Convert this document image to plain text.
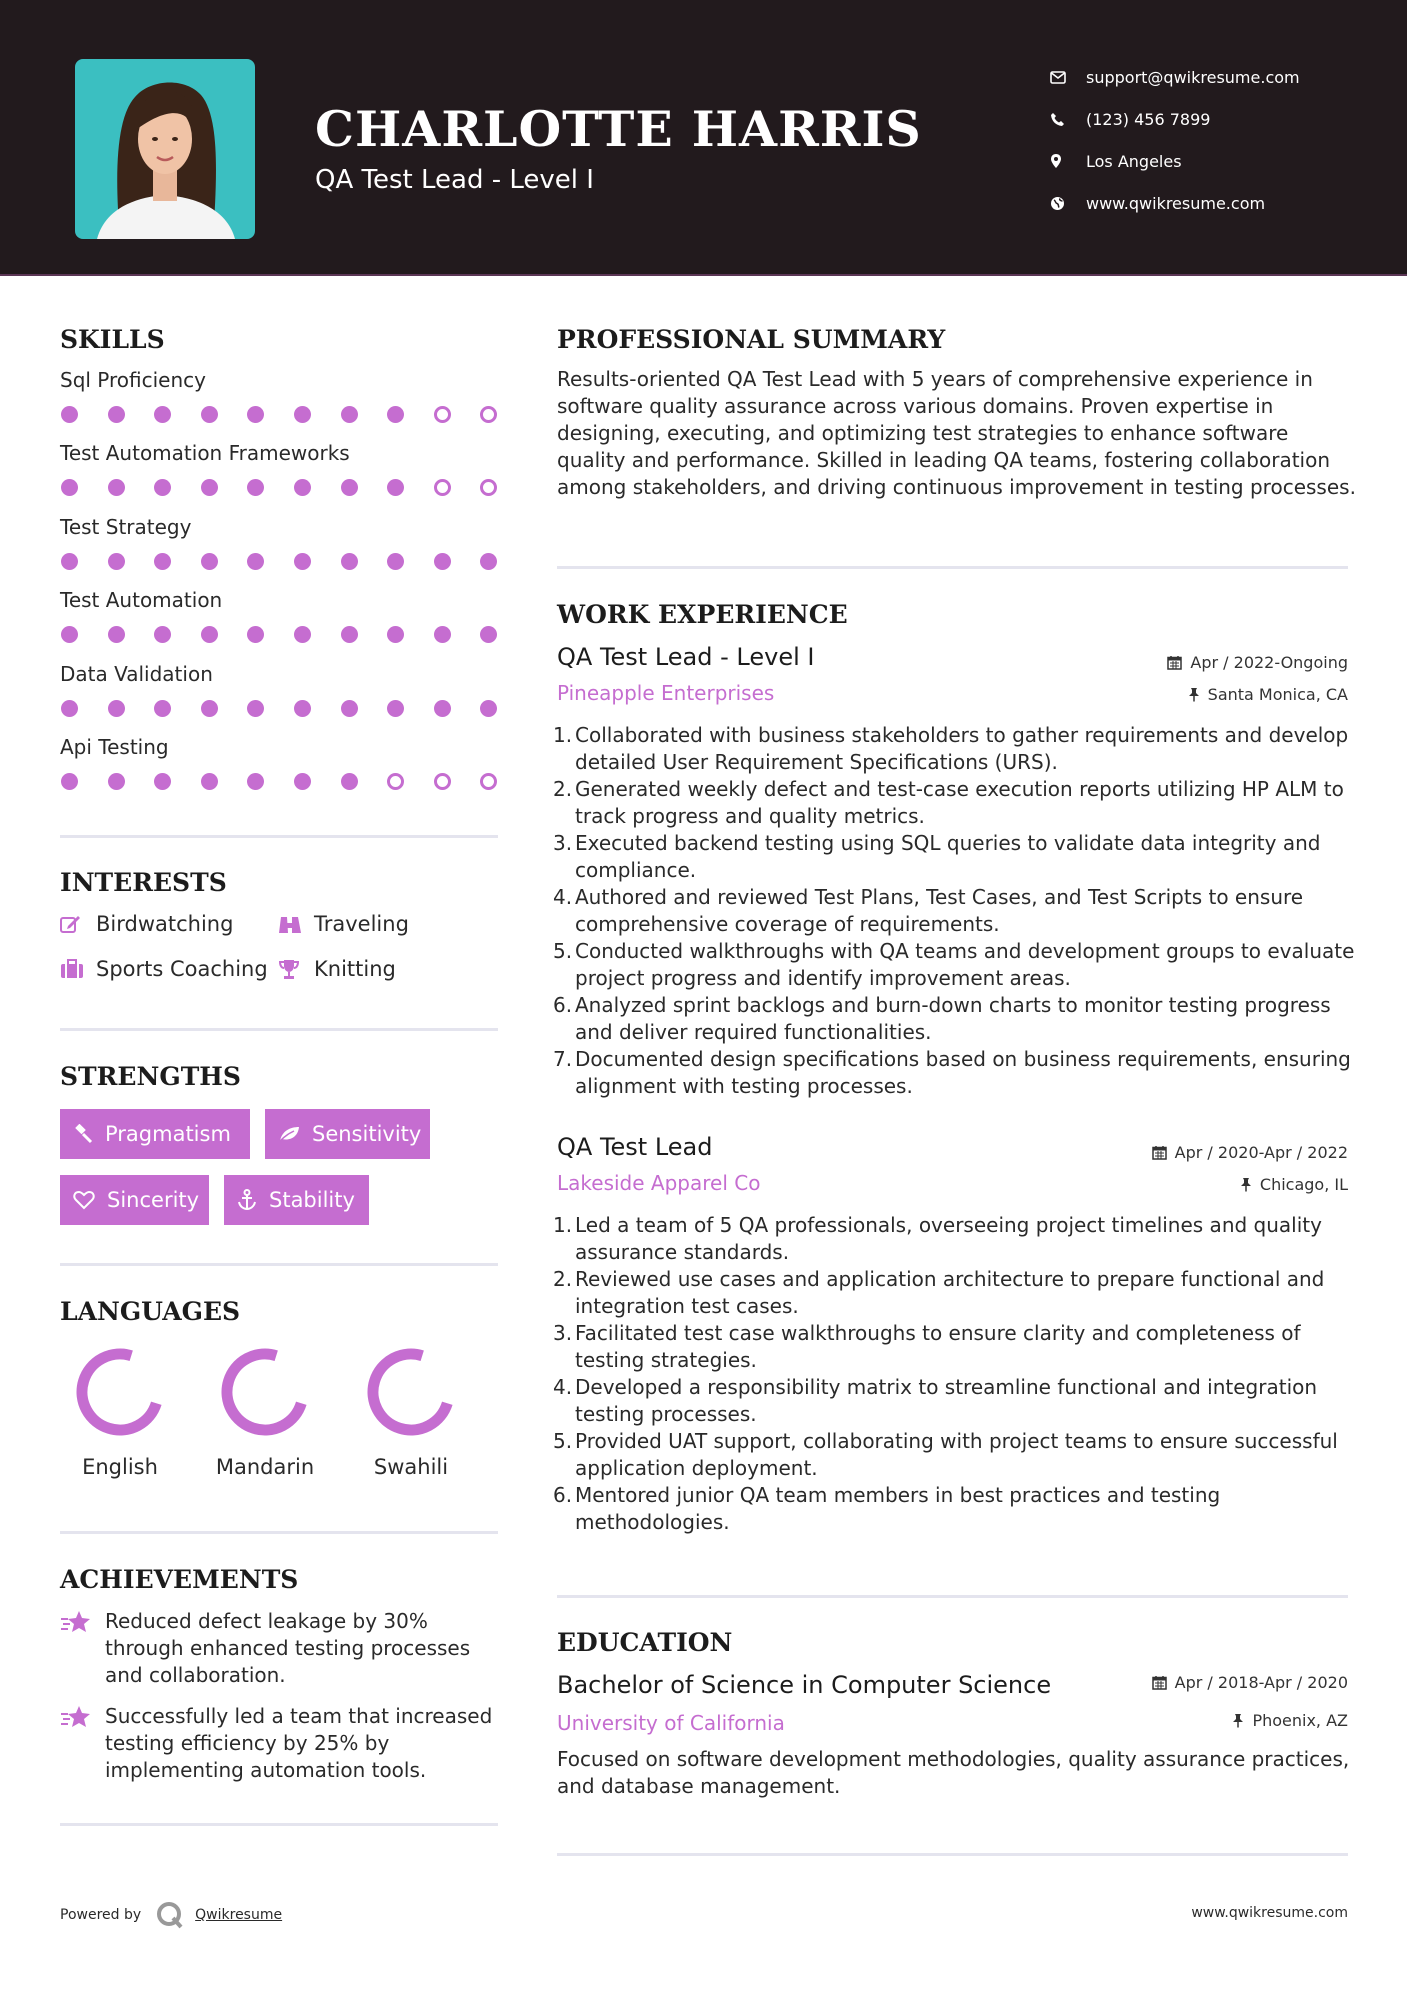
CHARLOTTE HARRIS
QA Test Lead - Level I
support@qwikresume.com
(123) 456 7899
Los Angeles
www.qwikresume.com
SKILLS
Sql Proficiency
Test Automation Frameworks
Test Strategy
Test Automation
Data Validation
Api Testing
INTERESTS
Birdwatching	Traveling
Sports Coaching Knitting
STRENGTHS
Pragmatism	Sensitivity
Sincerity	Stability
LANGUAGES
English	Mandarin	Swahili
ACHIEVEMENTS
Reduced defect leakage by 30% through enhanced testing processes and collaboration.
Successfully led a team that increased testing efficiency by 25% by implementing automation tools.
PROFESSIONAL SUMMARY
Results-oriented QA Test Lead with 5 years of comprehensive experience in software quality assurance across various domains. Proven expertise in designing, executing, and optimizing test strategies to enhance software quality and performance. Skilled in leading QA teams, fostering collaboration among stakeholders, and driving continuous improvement in testing processes.
WORK EXPERIENCE
QA Test Lead - Level I	Apr / 2022-Ongoing
Pineapple Enterprises	Santa Monica, CA
1. Collaborated with business stakeholders to gather requirements and develop detailed User Requirement Specifications (URS).
2. Generated weekly defect and test-case execution reports utilizing HP ALM to track progress and quality metrics.
3. Executed backend testing using SQL queries to validate data integrity and compliance.
4. Authored and reviewed Test Plans, Test Cases, and Test Scripts to ensure comprehensive coverage of requirements.
5. Conducted walkthroughs with QA teams and development groups to evaluate project progress and identify improvement areas.
6. Analyzed sprint backlogs and burn-down charts to monitor testing progress and deliver required functionalities.
7. Documented design specifications based on business requirements, ensuring alignment with testing processes.
QA Test Lead	Apr / 2020-Apr / 2022
Lakeside Apparel Co	Chicago, IL
1. Led a team of 5 QA professionals, overseeing project timelines and quality assurance standards.
2. Reviewed use cases and application architecture to prepare functional and integration test cases.
3. Facilitated test case walkthroughs to ensure clarity and completeness of testing strategies.
4. Developed a responsibility matrix to streamline functional and integration testing processes.
5. Provided UAT support, collaborating with project teams to ensure successful application deployment.
6. Mentored junior QA team members in best practices and testing methodologies.
EDUCATION
Bachelor of Science in Computer Science	Apr / 2018-Apr / 2020
University of California	Phoenix, AZ
Focused on software development methodologies, quality assurance practices, and database management.
Powered by	Qwikresume	www.qwikresume.com
